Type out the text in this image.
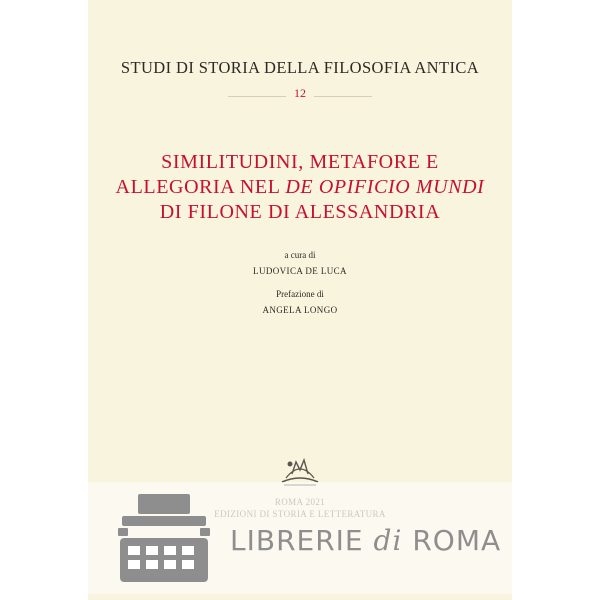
STUDI DI STORIA DELLA FILOSOFIA ANTICA
12
SIMILITUDINI, METAFORE E
ALLEGORIA NEL DE OPIFICIO MUNDI
DI FILONE DI ALESSANDRIA
a cura di
LUDOVICA DE LUCA
Prefazione di
ANGELA LONGO
LIBRERIE di ROMA
